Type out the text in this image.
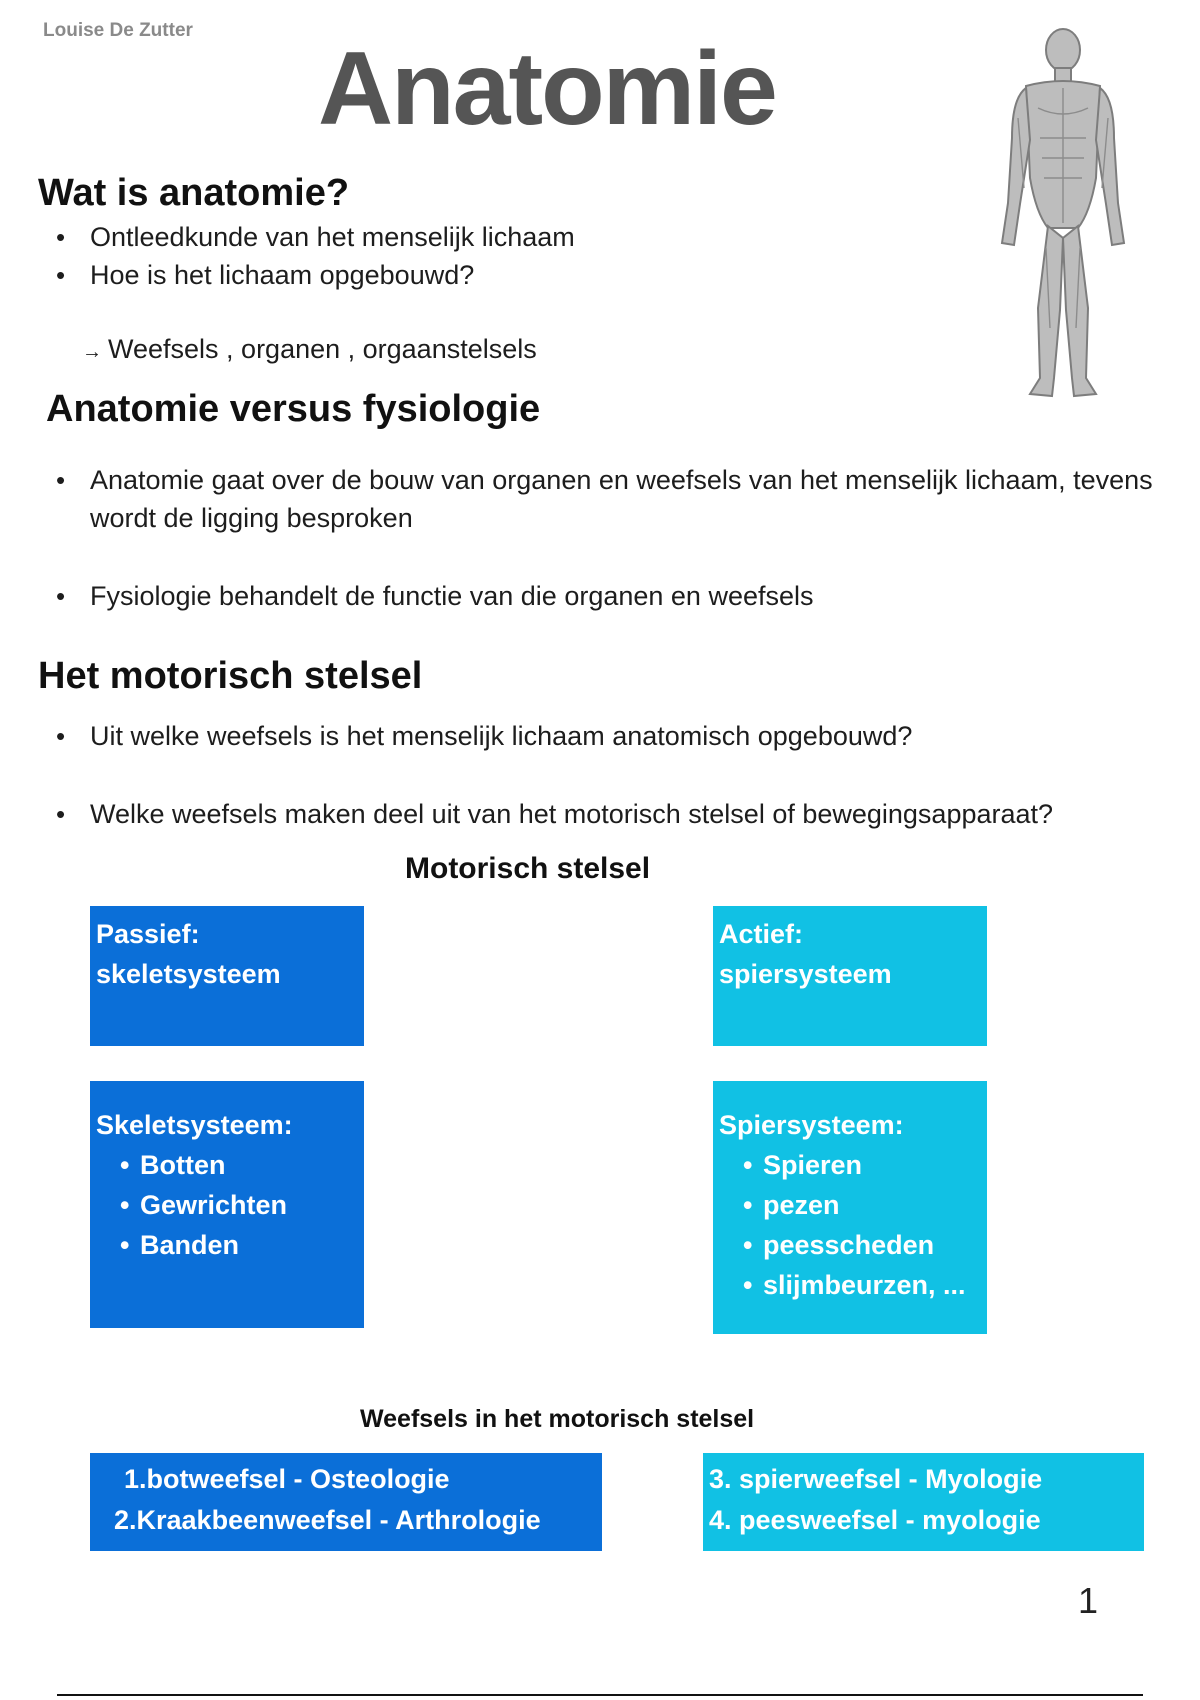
Louise De Zutter
Anatomie
Wat is anatomie?
• Ontleedkunde van het menselijk lichaam
• Hoe is het lichaam opgebouwd?
→ Weefsels , organen , orgaanstelsels
Anatomie versus fysiologie
• Anatomie gaat over de bouw van organen en weefsels van het menselijk lichaam, tevens wordt de ligging besproken
• Fysiologie behandelt de functie van die organen en weefsels
Het motorisch stelsel
• Uit welke weefsels is het menselijk lichaam anatomisch opgebouwd?
• Welke weefsels maken deel uit van het motorisch stelsel of bewegingsapparaat?
Motorisch stelsel
Passief:
skeletsysteem
Actief:
spiersysteem
Skeletsysteem:
• Botten
• Gewrichten
• Banden
Spiersysteem:
• Spieren
• pezen
• peesscheden
• slijmbeurzen, ...
Weefsels in het motorisch stelsel
1.botweefsel - Osteologie
2.Kraakbeenweefsel - Arthrologie
3. spierweefsel - Myologie
4. peesweefsel - myologie
1
